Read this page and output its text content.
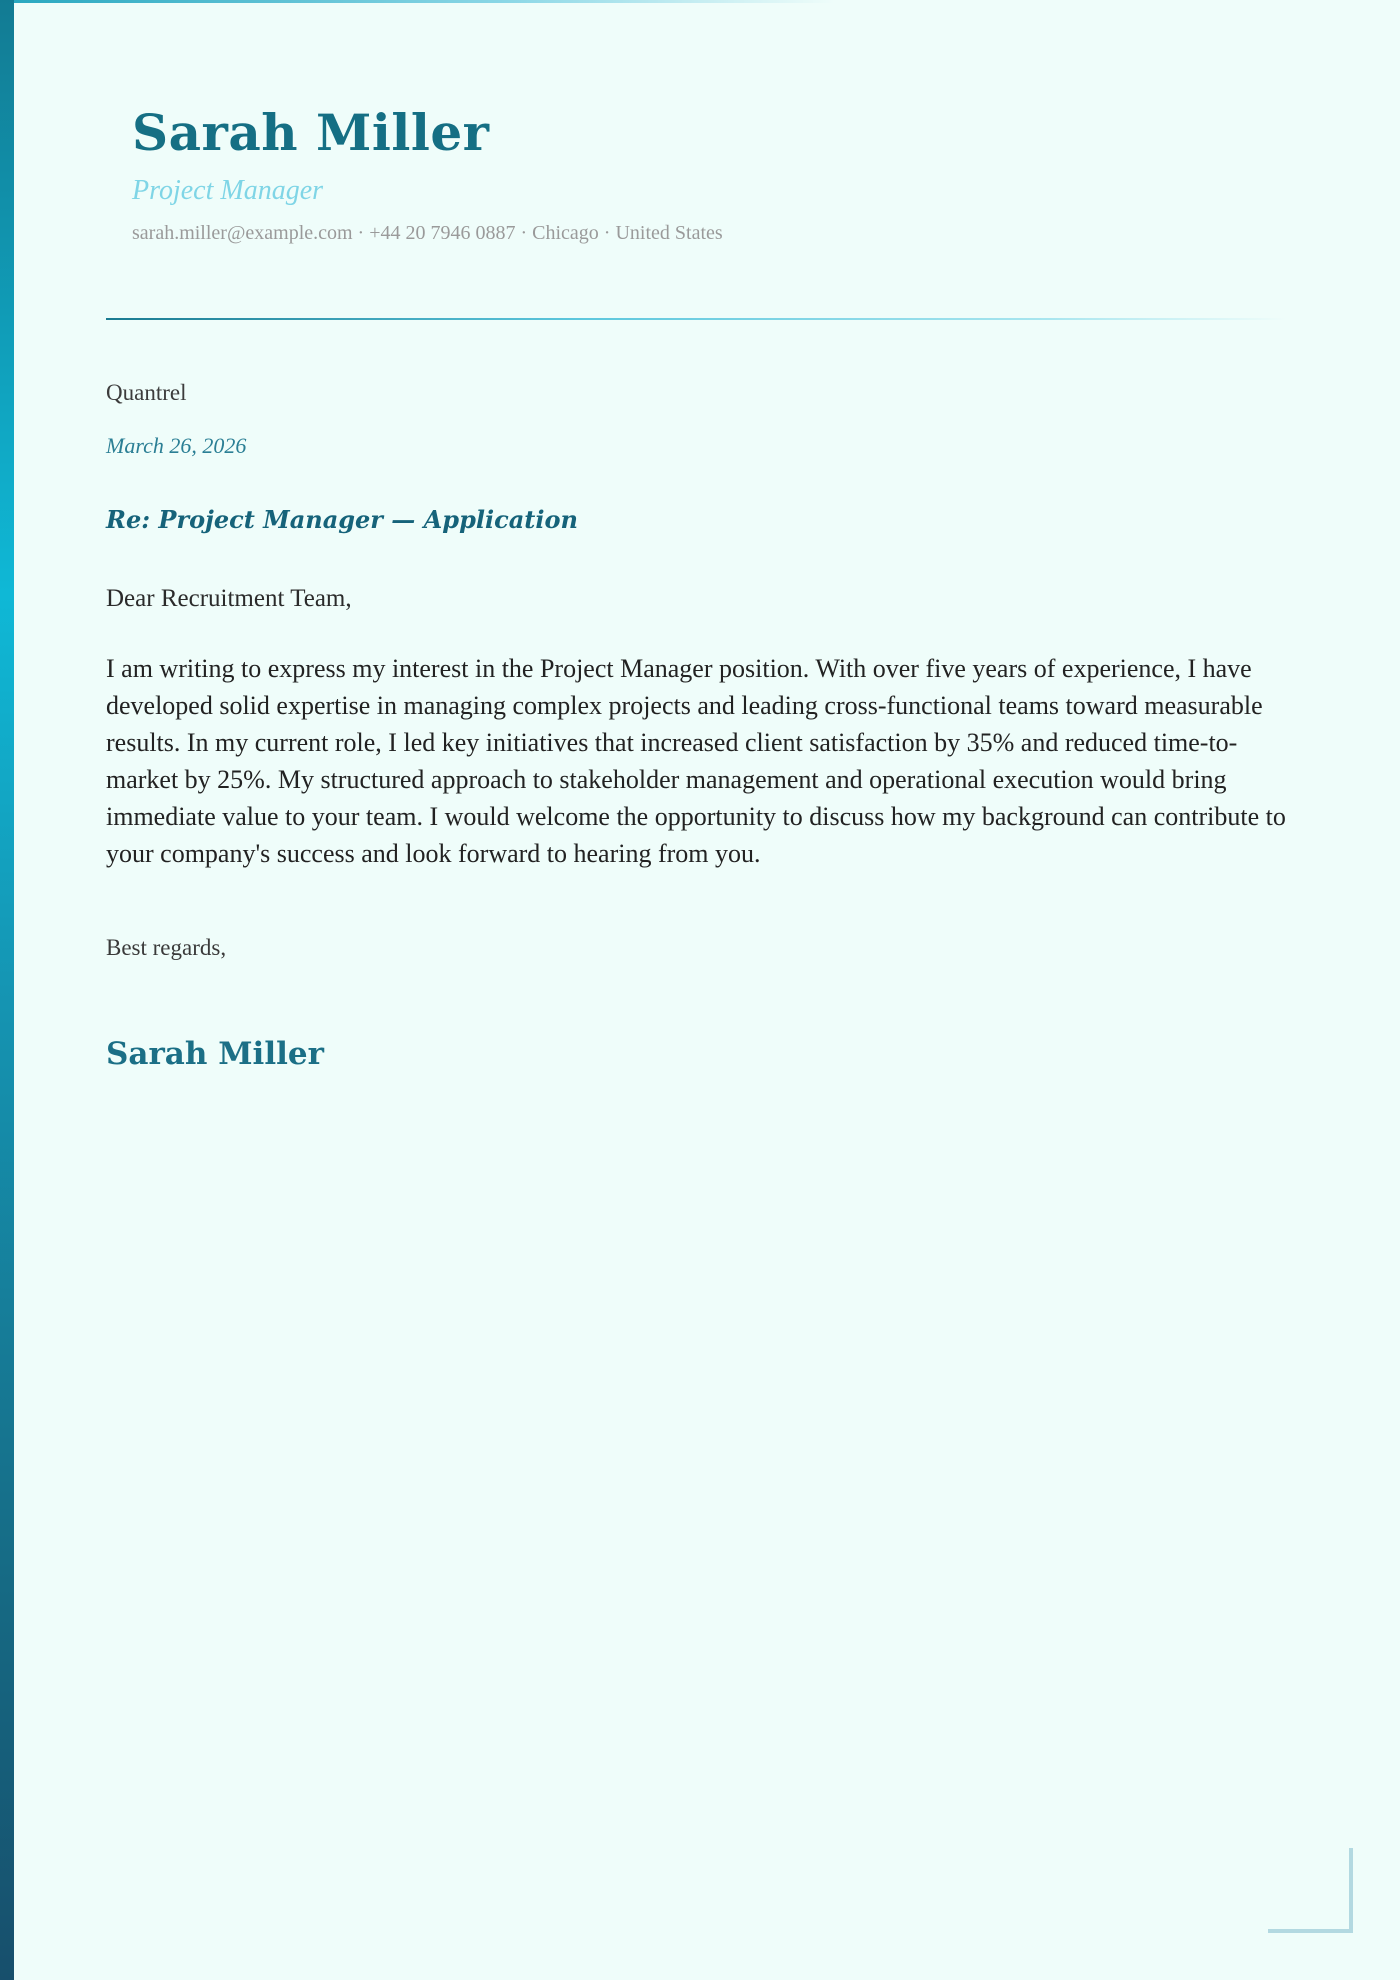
Sarah Miller
Project Manager
sarah.miller@example.com · +44 20 7946 0887 · Chicago · United States

Quantrel

March 26, 2026
Re: Project Manager — Application
Dear Recruitment Team,
I am writing to express my interest in the Project Manager position. With over five years of experience, I have developed solid expertise in managing complex projects and leading cross-functional teams toward measurable results. In my current role, I led key initiatives that increased client satisfaction by 35% and reduced time-to-market by 25%. My structured approach to stakeholder management and operational execution would bring immediate value to your team. I would welcome the opportunity to discuss how my background can contribute to your company's success and look forward to hearing from you.
Best regards,
Sarah Miller
